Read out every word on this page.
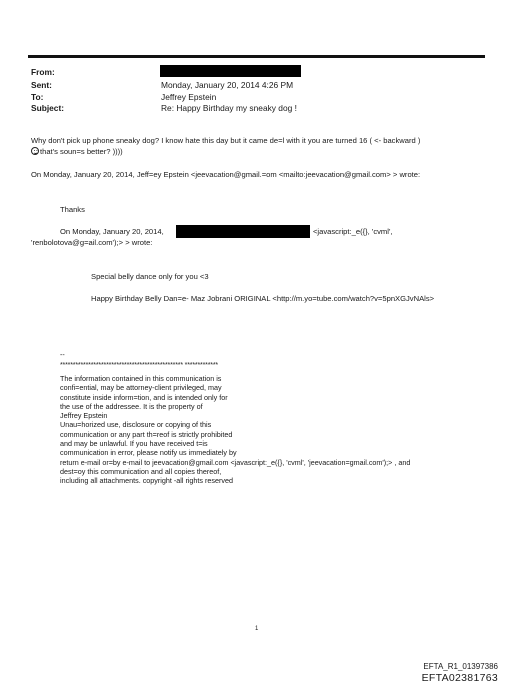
From:
Sent:	Monday, January 20, 2014 4:26 PM
To:	Jeffrey Epstein
Subject:	Re: Happy Birthday my sneaky dog !
Why don't pick up phone sneaky dog? I know hate this day but it came de=l with it you are turned 16 ( <- backward )
that's soun=s better? ))))
On Monday, January 20, 2014, Jeff=ey Epstein <jeevacation@gmail.=om <mailto:jeevacation@gmail.com> > wrote:
Thanks
On Monday, January 20, 2014,	<javascript:_e({}, 'cvml',
'renbolotova@g=ail.com');> > wrote:
Special belly dance only for you <3
Happy Birthday Belly Dan=e- Maz Jobrani ORIGINAL <http://m.yo=tube.com/watch?v=5pnXGJvNAls>
--
************************************************ *************
The information contained in this communication is
confi=ential, may be attorney-client privileged, may
constitute inside inform=tion, and is intended only for
the use of the addressee. It is the property of
Jeffrey Epstein
Unau=horized use, disclosure or copying of this
communication or any part th=reof is strictly prohibited
and may be unlawful. If you have received t=is
communication in error, please notify us immediately by
return e-mail or=by e-mail to jeevacation@gmail.com <javascript:_e({}, 'cvml', 'jeevacation=gmail.com');> , and
dest=oy this communication and all copies thereof,
including all attachments. copyright -all rights reserved
1
EFTA_R1_01397386
EFTA02381763
